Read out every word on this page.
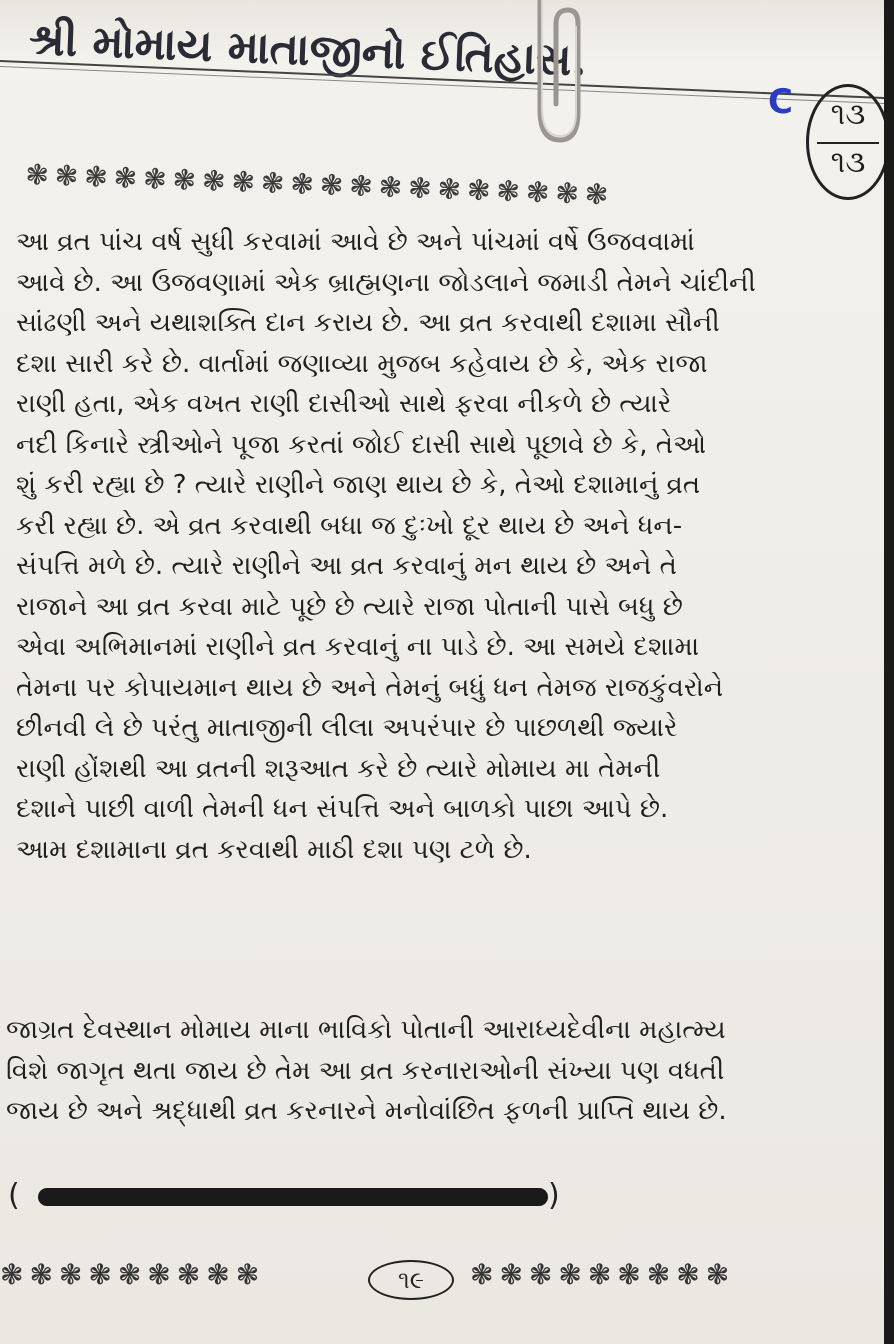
શ્રી મોમાય માતાજીનો ઈતિહાસ.
C	૧૩
૧૩
❃❃❃❃❃❃❃❃❃❃❃❃❃❃❃❃❃❃❃❃
આ વ્રત પાંચ વર્ષ સુધી કરવામાં આવે છે અને પાંચમાં વર્ષે ઉજવવામાં
આવે છે. આ ઉજવણામાં એક બ્રાહ્મણના જોડલાને જમાડી તેમને ચાંદીની
સાંઢણી અને યથાશક્તિ દાન કરાય છે. આ વ્રત કરવાથી દશામા સૌની
દશા સારી કરે છે. વાર્તામાં જણાવ્યા મુજબ કહેવાય છે કે, એક રાજા
રાણી હતા, એક વખત રાણી દાસીઓ સાથે ફરવા નીકળે છે ત્યારે
નદી કિનારે સ્ત્રીઓને પૂજા કરતાં જોઈ દાસી સાથે પૂછાવે છે કે, તેઓ
શું કરી રહ્યા છે ? ત્યારે રાણીને જાણ થાય છે કે, તેઓ દશામાનું વ્રત
કરી રહ્યા છે. એ વ્રત કરવાથી બધા જ દુઃખો દૂર થાય છે અને ધન-
સંપત્તિ મળે છે. ત્યારે રાણીને આ વ્રત કરવાનું મન થાય છે અને તે
રાજાને આ વ્રત કરવા માટે પૂછે છે ત્યારે રાજા પોતાની પાસે બધુ છે
એવા અભિમાનમાં રાણીને વ્રત કરવાનું ના પાડે છે. આ સમયે દશામા
તેમના પર કોપાયમાન થાય છે અને તેમનું બધું ધન તેમજ રાજકુંવરોને
છીનવી લે છે પરંતુ માતાજીની લીલા અપરંપાર છે પાછળથી જ્યારે
રાણી હોંશથી આ વ્રતની શરૂઆત કરે છે ત્યારે મોમાય મા તેમની
દશાને પાછી વાળી તેમની ધન સંપત્તિ અને બાળકો પાછા આપે છે.
આમ દશામાના વ્રત કરવાથી માઠી દશા પણ ટળે છે.
જાગ્રત દેવસ્થાન મોમાય માના ભાવિકો પોતાની આરાધ્યદેવીના મહાત્મ્ય
વિશે જાગૃત થતા જાય છે તેમ આ વ્રત કરનારાઓની સંખ્યા પણ વધતી
જાય છે અને શ્રદ્ધાથી વ્રત કરનારને મનોવાંછિત ફળની પ્રાપ્તિ થાય છે.
(	)
❃❃❃❃❃❃❃❃❃	૧૯	❃❃❃❃❃❃❃❃❃
